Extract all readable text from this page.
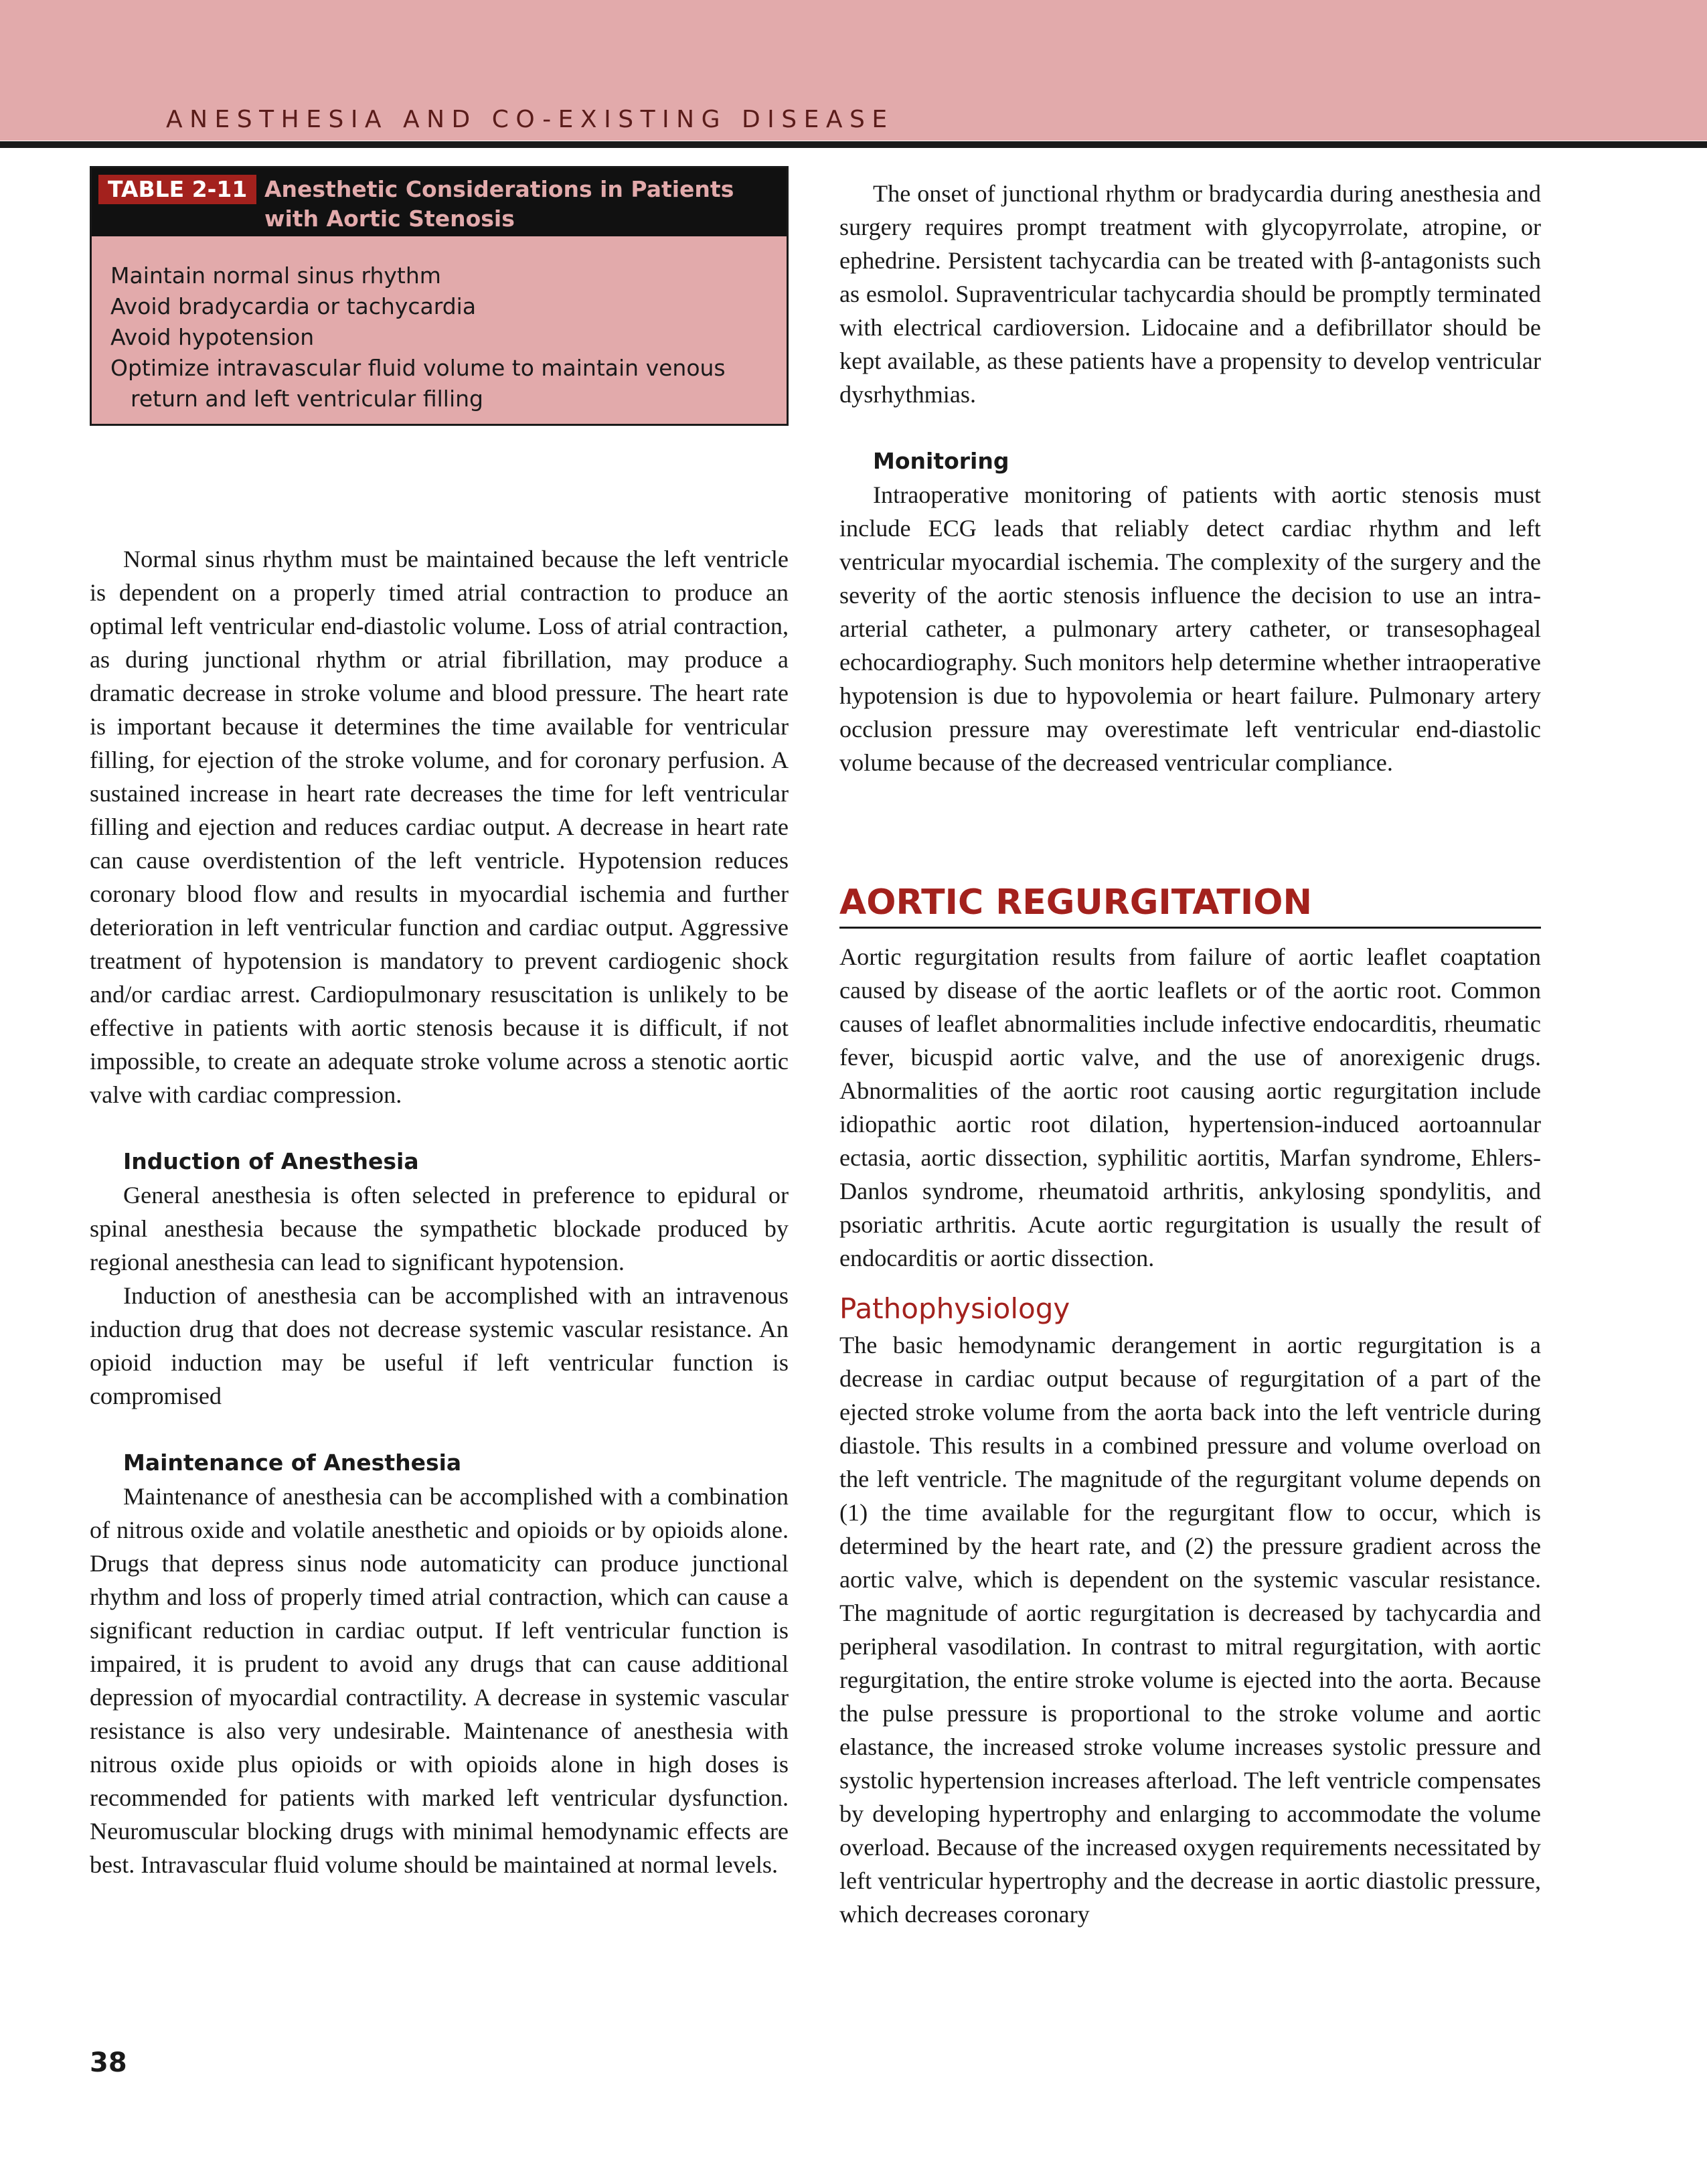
ANESTHESIA AND CO-EXISTING DISEASE
TABLE 2-11 Anesthetic Considerations in Patients with Aortic Stenosis
Maintain normal sinus rhythm
Avoid bradycardia or tachycardia
Avoid hypotension
Optimize intravascular fluid volume to maintain venous return and left ventricular filling

Normal sinus rhythm must be maintained because the left ventricle is dependent on a properly timed atrial contraction to produce an optimal left ventricular end-diastolic volume. Loss of atrial contraction, as during junctional rhythm or atrial fibrillation, may produce a dramatic decrease in stroke volume and blood pressure. The heart rate is important because it determines the time available for ventricular filling, for ejection of the stroke volume, and for coronary perfusion. A sustained increase in heart rate decreases the time for left ventricular filling and ejection and reduces cardiac output. A decrease in heart rate can cause overdistention of the left ventricle. Hypotension reduces coronary blood flow and results in myocardial ischemia and further deterioration in left ventricular function and cardiac output. Aggressive treatment of hypotension is mandatory to prevent cardiogenic shock and/or cardiac arrest. Cardiopulmonary resuscitation is unlikely to be effective in patients with aortic stenosis because it is difficult, if not impossible, to create an adequate stroke volume across a stenotic aortic valve with cardiac compression.

Induction of Anesthesia

General anesthesia is often selected in preference to epidural or spinal anesthesia because the sympathetic blockade produced by regional anesthesia can lead to significant hypotension.

Induction of anesthesia can be accomplished with an intravenous induction drug that does not decrease systemic vascular resistance. An opioid induction may be useful if left ventricular function is compromised

Maintenance of Anesthesia

Maintenance of anesthesia can be accomplished with a combination of nitrous oxide and volatile anesthetic and opioids or by opioids alone. Drugs that depress sinus node automaticity can produce junctional rhythm and loss of properly timed atrial contraction, which can cause a significant reduction in cardiac output. If left ventricular function is impaired, it is prudent to avoid any drugs that can cause additional depression of myocardial contractility. A decrease in systemic vascular resistance is also very undesirable. Maintenance of anesthesia with nitrous oxide plus opioids or with opioids alone in high doses is recommended for patients with marked left ventricular dysfunction. Neuromuscular blocking drugs with minimal hemodynamic effects are best. Intravascular fluid volume should be maintained at normal levels.

The onset of junctional rhythm or bradycardia during anesthesia and surgery requires prompt treatment with glycopyrrolate, atropine, or ephedrine. Persistent tachycardia can be treated with β-antagonists such as esmolol. Supraventricular tachycardia should be promptly terminated with electrical cardioversion. Lidocaine and a defibrillator should be kept available, as these patients have a propensity to develop ventricular dysrhythmias.

Monitoring

Intraoperative monitoring of patients with aortic stenosis must include ECG leads that reliably detect cardiac rhythm and left ventricular myocardial ischemia. The complexity of the surgery and the severity of the aortic stenosis influence the decision to use an intra-arterial catheter, a pulmonary artery catheter, or transesophageal echocardiography. Such monitors help determine whether intraoperative hypotension is due to hypovolemia or heart failure. Pulmonary artery occlusion pressure may overestimate left ventricular end-diastolic volume because of the decreased ventricular compliance.

AORTIC REGURGITATION

Aortic regurgitation results from failure of aortic leaflet coaptation caused by disease of the aortic leaflets or of the aortic root. Common causes of leaflet abnormalities include infective endocarditis, rheumatic fever, bicuspid aortic valve, and the use of anorexigenic drugs. Abnormalities of the aortic root causing aortic regurgitation include idiopathic aortic root dilation, hypertension-induced aortoannular ectasia, aortic dissection, syphilitic aortitis, Marfan syndrome, Ehlers-Danlos syndrome, rheumatoid arthritis, ankylosing spondylitis, and psoriatic arthritis. Acute aortic regurgitation is usually the result of endocarditis or aortic dissection.

Pathophysiology

The basic hemodynamic derangement in aortic regurgitation is a decrease in cardiac output because of regurgitation of a part of the ejected stroke volume from the aorta back into the left ventricle during diastole. This results in a combined pressure and volume overload on the left ventricle. The magnitude of the regurgitant volume depends on (1) the time available for the regurgitant flow to occur, which is determined by the heart rate, and (2) the pressure gradient across the aortic valve, which is dependent on the systemic vascular resistance. The magnitude of aortic regurgitation is decreased by tachycardia and peripheral vasodilation. In contrast to mitral regurgitation, with aortic regurgitation, the entire stroke volume is ejected into the aorta. Because the pulse pressure is proportional to the stroke volume and aortic elastance, the increased stroke volume increases systolic pressure and systolic hypertension increases afterload. The left ventricle compensates by developing hypertrophy and enlarging to accommodate the volume overload. Because of the increased oxygen requirements necessitated by left ventricular hypertrophy and the decrease in aortic diastolic pressure, which decreases coronary

38
